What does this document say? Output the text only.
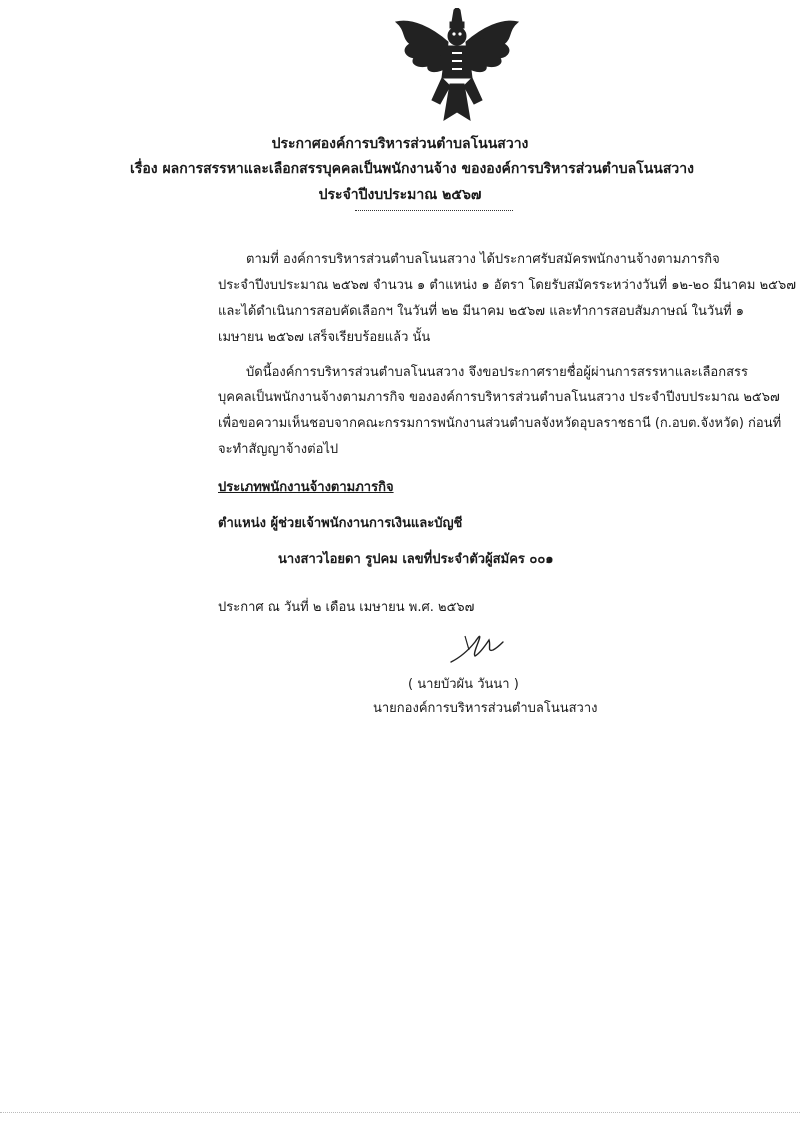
ประกาศองค์การบริหารส่วนตำบลโนนสวาง
เรื่อง ผลการสรรหาและเลือกสรรบุคคลเป็นพนักงานจ้าง ขององค์การบริหารส่วนตำบลโนนสวาง
ประจำปีงบประมาณ ๒๕๖๗
ตามที่ องค์การบริหารส่วนตำบลโนนสวาง ได้ประกาศรับสมัครพนักงานจ้างตามภารกิจ
ประจำปีงบประมาณ ๒๕๖๗ จำนวน ๑ ตำแหน่ง ๑ อัตรา โดยรับสมัครระหว่างวันที่ ๑๒-๒๐ มีนาคม ๒๕๖๗
และได้ดำเนินการสอบคัดเลือกฯ ในวันที่ ๒๒ มีนาคม ๒๕๖๗ และทำการสอบสัมภาษณ์ ในวันที่ ๑
เมษายน ๒๕๖๗ เสร็จเรียบร้อยแล้ว นั้น
บัดนี้องค์การบริหารส่วนตำบลโนนสวาง จึงขอประกาศรายชื่อผู้ผ่านการสรรหาและเลือกสรร
บุคคลเป็นพนักงานจ้างตามภารกิจ ขององค์การบริหารส่วนตำบลโนนสวาง ประจำปีงบประมาณ ๒๕๖๗
เพื่อขอความเห็นชอบจากคณะกรรมการพนักงานส่วนตำบลจังหวัดอุบลราชธานี (ก.อบต.จังหวัด) ก่อนที่
จะทำสัญญาจ้างต่อไป
ประเภทพนักงานจ้างตามภารกิจ
ตำแหน่ง ผู้ช่วยเจ้าพนักงานการเงินและบัญชี
นางสาวไอยดา รูปคม เลขที่ประจำตัวผู้สมัคร ๐๐๑
ประกาศ ณ วันที่ ๒ เดือน เมษายน พ.ศ. ๒๕๖๗
( นายบัวผัน วันนา )
นายกองค์การบริหารส่วนตำบลโนนสวาง
